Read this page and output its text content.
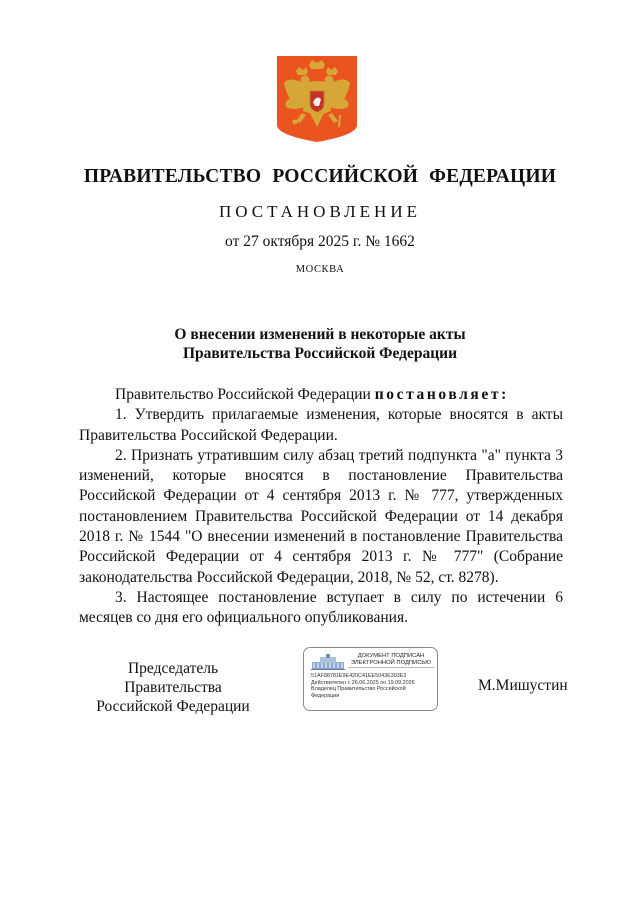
ПРАВИТЕЛЬСТВО РОССИЙСКОЙ ФЕДЕРАЦИИ
ПОСТАНОВЛЕНИЕ
от 27 октября 2025 г. № 1662
МОСКВА
О внесении изменений в некоторые акты
Правительства Российской Федерации

Правительство Российской Федерации постановляет:

1. Утвердить прилагаемые изменения, которые вносятся в акты Правительства Российской Федерации.

2. Признать утратившим силу абзац третий подпункта "а" пункта 3 изменений, которые вносятся в постановление Правительства Российской Федерации от 4 сентября 2013 г. № 777, утвержденных постановлением Правительства Российской Федерации от 14 декабря 2018 г. № 1544 "О внесении изменений в постановление Правительства Российской Федерации от 4 сентября 2013 г. № 777" (Собрание законодательства Российской Федерации, 2018, № 52, ст. 8278).

3. Настоящее постановление вступает в силу по истечении 6 месяцев со дня его официального опубликования.

Председатель Правительства
Российской Федерации
ДОКУМЕНТ ПОДПИСАН
ЭЛЕКТРОННОЙ ПОДПИСЬЮ
51AF88781E9E420C41EE5043E303E3
Действителен с 26.06.2025 по 19.09.2026
Владелец Правительство Российской
Федерации
М.Мишустин
